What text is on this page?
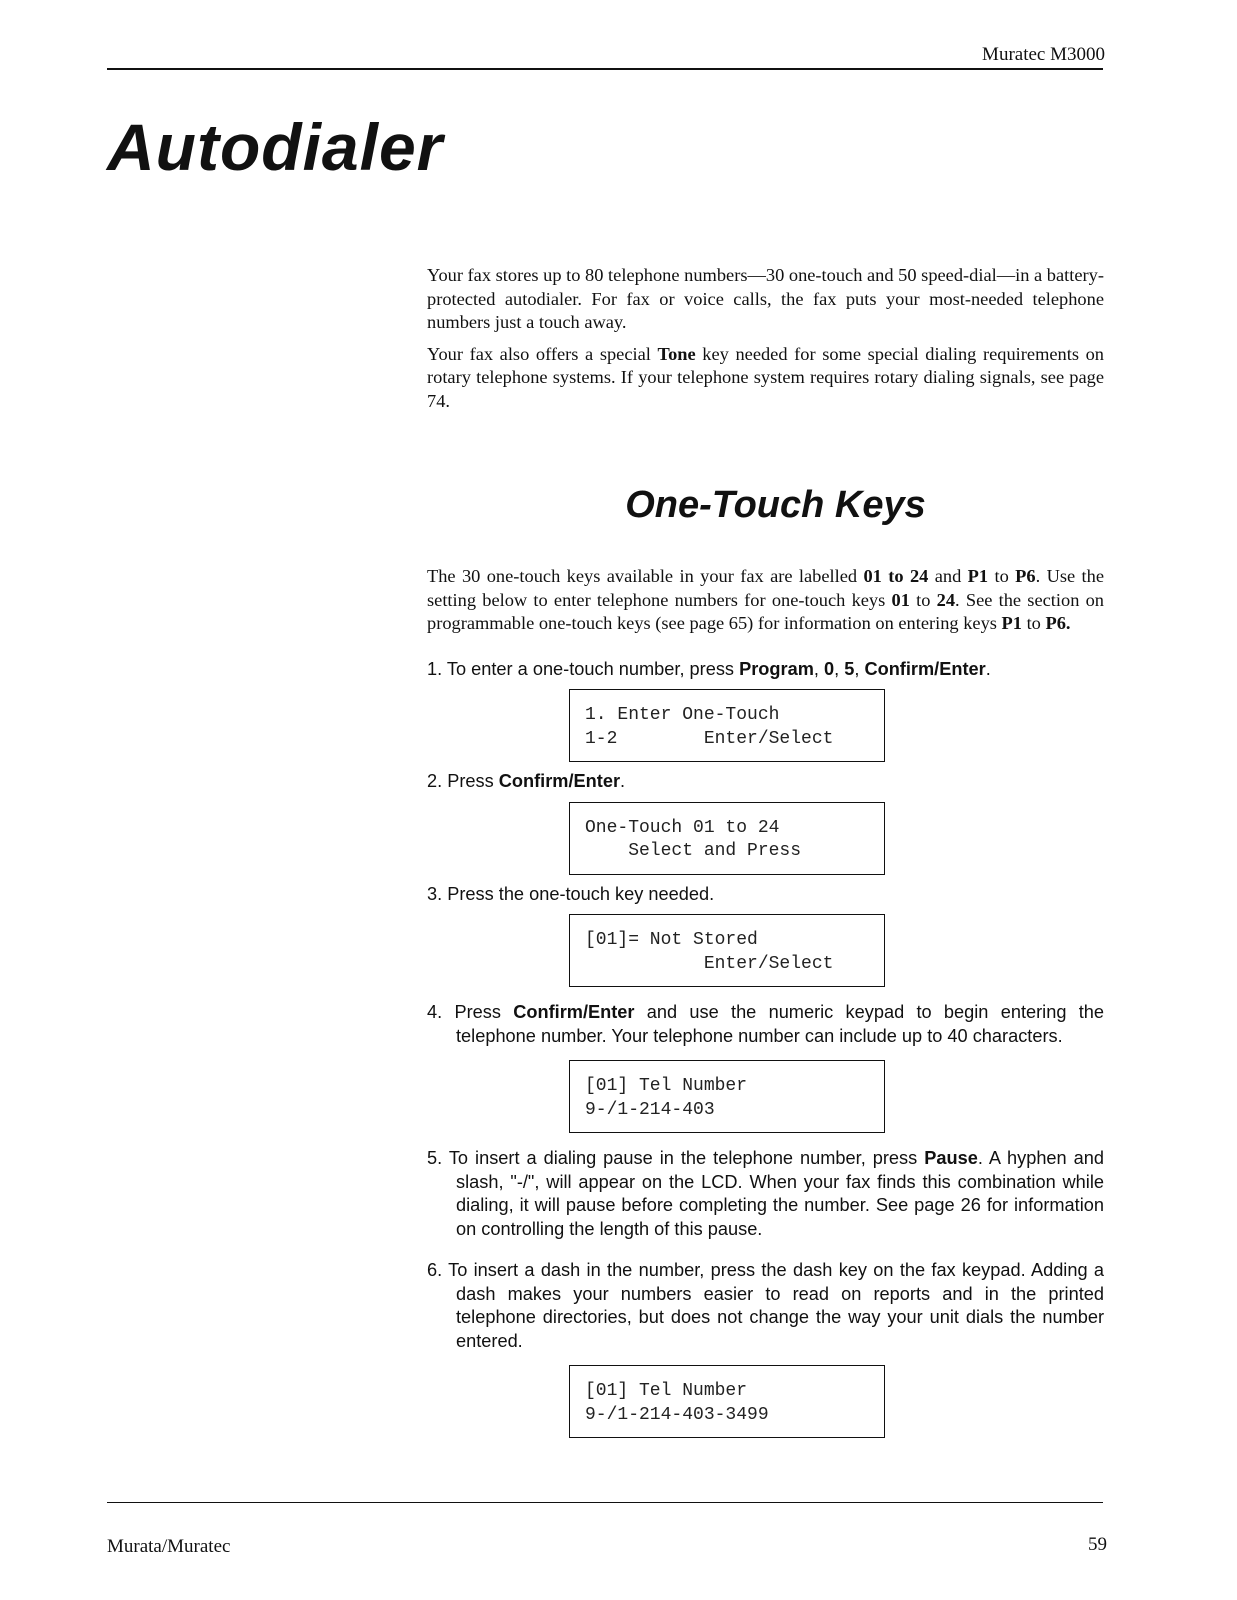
Muratec M3000
Autodialer

Your fax stores up to 80 telephone numbers—30 one-touch and 50 speed-dial—in a battery-protected autodialer. For fax or voice calls, the fax puts your most-needed telephone numbers just a touch away.

Your fax also offers a special Tone key needed for some special dialing requirements on rotary telephone systems. If your telephone system requires rotary dialing signals, see page 74.

One-Touch Keys

The 30 one-touch keys available in your fax are labelled 01 to 24 and P1 to P6. Use the setting below to enter telephone numbers for one-touch keys 01 to 24. See the section on programmable one-touch keys (see page 65) for information on entering keys P1 to P6.

1. To enter a one-touch number, press Program, 0, 5, Confirm/Enter.

1. Enter One-Touch
1-2        Enter/Select

2. Press Confirm/Enter.

One-Touch 01 to 24
Select and Press

3. Press the one-touch key needed.

[01]= Not Stored
Enter/Select

4. Press Confirm/Enter and use the numeric keypad to begin entering the telephone number. Your telephone number can include up to 40 characters.

[01] Tel Number
9-/1-214-403

5. To insert a dialing pause in the telephone number, press Pause. A hyphen and slash, "-/", will appear on the LCD. When your fax finds this combination while dialing, it will pause before completing the number. See page 26 for information on controlling the length of this pause.

6. To insert a dash in the number, press the dash key on the fax keypad. Adding a dash makes your numbers easier to read on reports and in the printed telephone directories, but does not change the way your unit dials the number entered.

[01] Tel Number
9-/1-214-403-3499
Murata/Muratec	59
